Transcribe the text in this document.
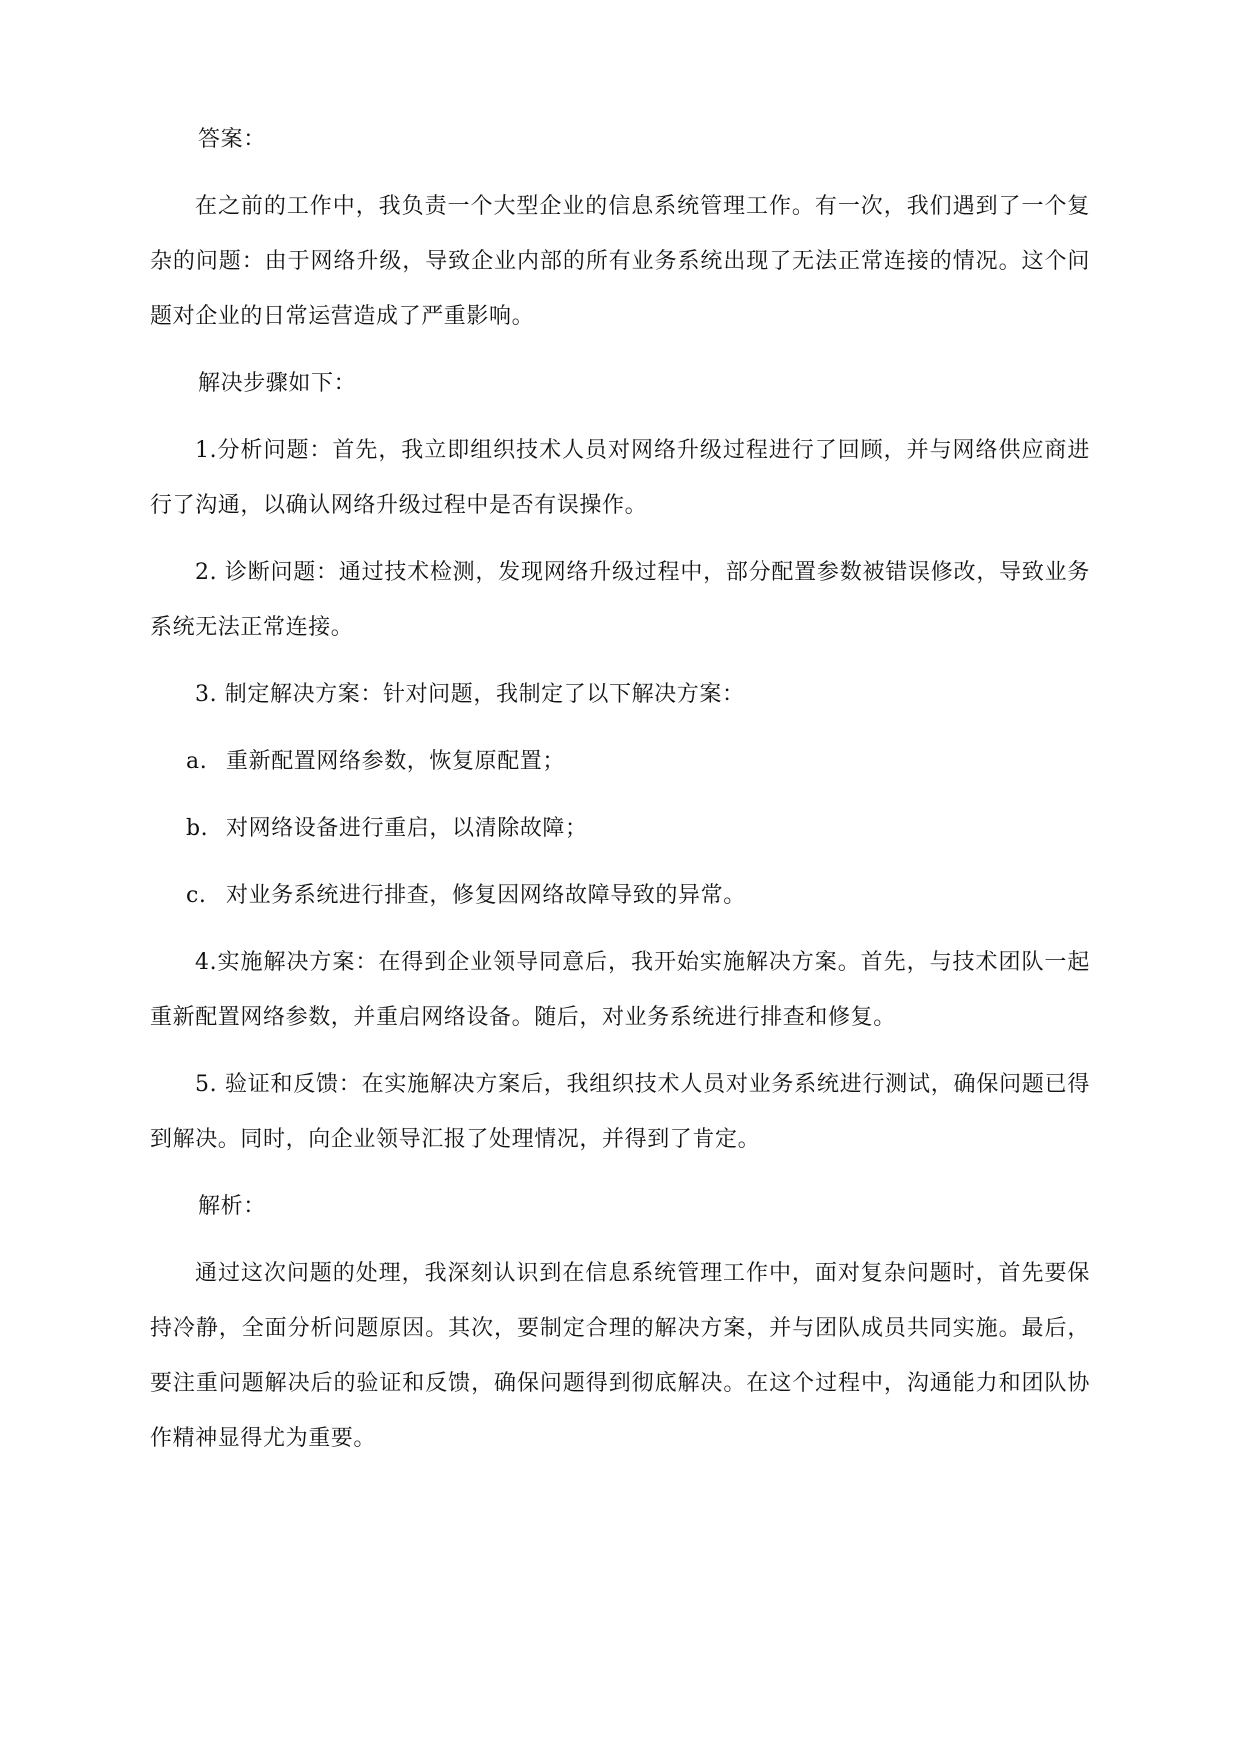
答案：

在之前的工作中，我负责一个大型企业的信息系统管理工作。有一次，我们遇到了一个复杂的问题：由于网络升级，导致企业内部的所有业务系统出现了无法正常连接的情况。这个问题对企业的日常运营造成了严重影响。

解决步骤如下：

1.分析问题：首先，我立即组织技术人员对网络升级过程进行了回顾，并与网络供应商进行了沟通，以确认网络升级过程中是否有误操作。

2. 诊断问题：通过技术检测，发现网络升级过程中，部分配置参数被错误修改，导致业务系统无法正常连接。

3. 制定解决方案：针对问题，我制定了以下解决方案：

a. 重新配置网络参数，恢复原配置；

b. 对网络设备进行重启，以清除故障；

c. 对业务系统进行排查，修复因网络故障导致的异常。

4.实施解决方案：在得到企业领导同意后，我开始实施解决方案。首先，与技术团队一起重新配置网络参数，并重启网络设备。随后，对业务系统进行排查和修复。

5. 验证和反馈：在实施解决方案后，我组织技术人员对业务系统进行测试，确保问题已得到解决。同时，向企业领导汇报了处理情况，并得到了肯定。

解析：

通过这次问题的处理，我深刻认识到在信息系统管理工作中，面对复杂问题时，首先要保持冷静，全面分析问题原因。其次，要制定合理的解决方案，并与团队成员共同实施。最后，要注重问题解决后的验证和反馈，确保问题得到彻底解决。在这个过程中，沟通能力和团队协作精神显得尤为重要。
